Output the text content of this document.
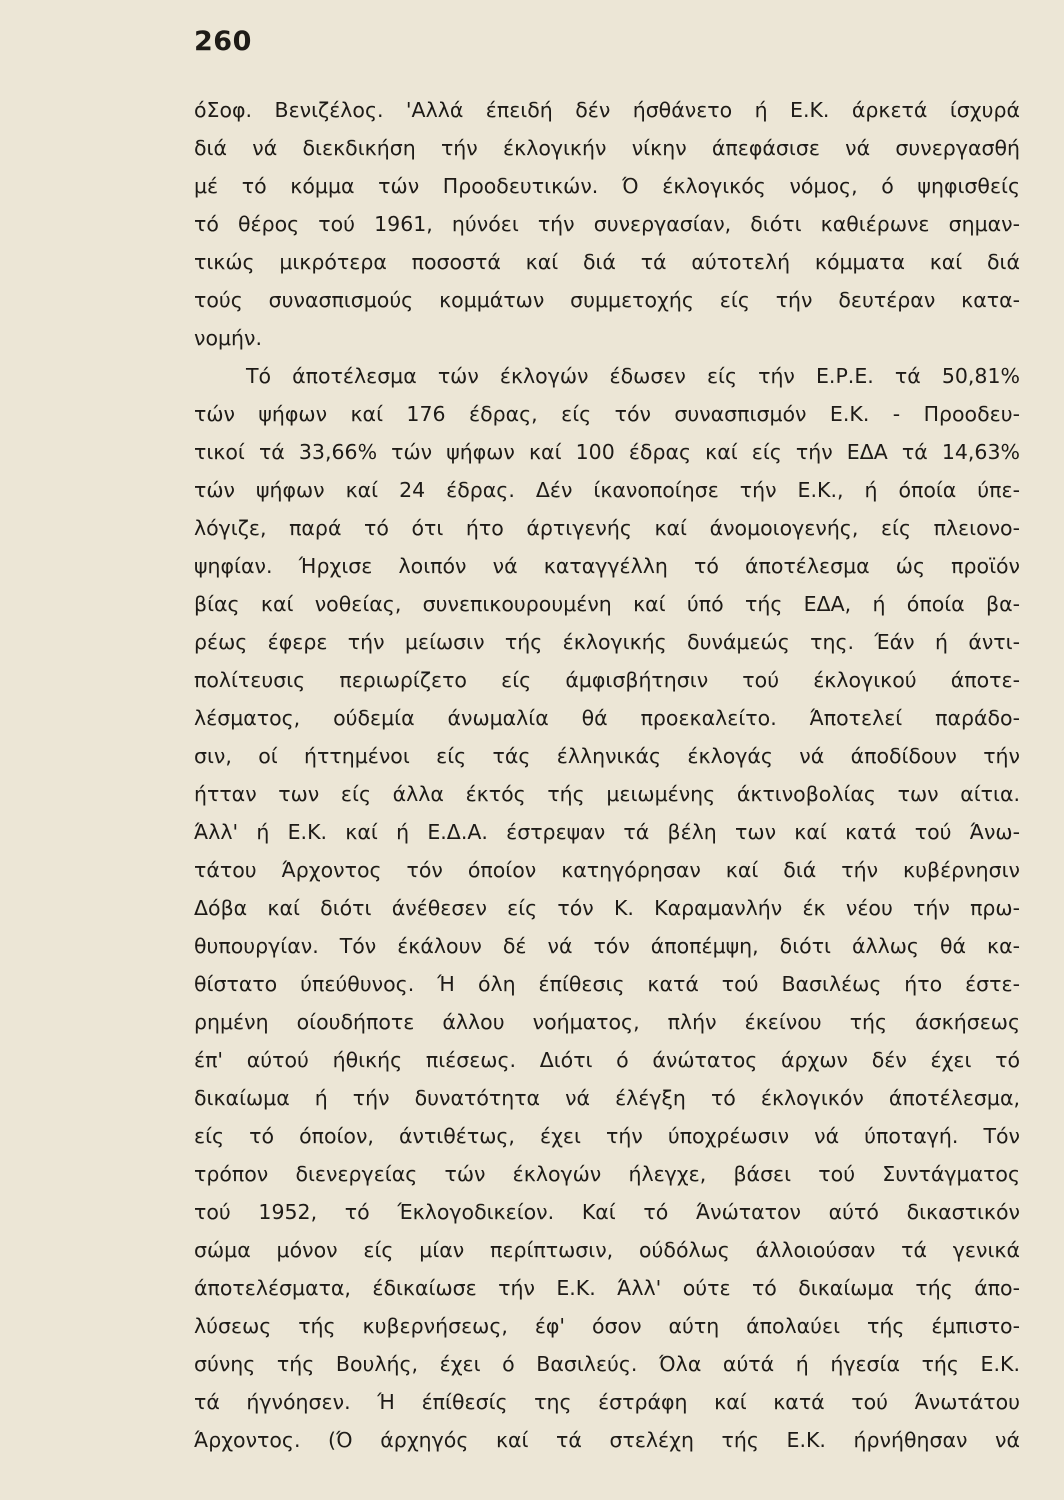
260
όΣοφ. Βενιζέλος. 'Αλλά έπειδή δέν ήσθάνετο ή Ε.Κ. άρκετά ίσχυρά
διά νά διεκδικήση τήν έκλογικήν νίκην άπεφάσισε νά συνεργασθή
μέ τό κόμμα τών Προοδευτικών. Ό έκλογικός νόμος, ό ψηφισθείς
τό θέρος τού 1961, ηύνόει τήν συνεργασίαν, διότι καθιέρωνε σημαν-
τικώς μικρότερα ποσοστά καί διά τά αύτοτελή κόμματα καί διά
τούς συνασπισμούς κομμάτων συμμετοχής είς τήν δευτέραν κατα-
νομήν.
Τό άποτέλεσμα τών έκλογών έδωσεν είς τήν Ε.Ρ.Ε. τά 50,81%
τών ψήφων καί 176 έδρας, είς τόν συνασπισμόν Ε.Κ. - Προοδευ-
τικοί τά 33,66% τών ψήφων καί 100 έδρας καί είς τήν ΕΔΑ τά 14,63%
τών ψήφων καί 24 έδρας. Δέν ίκανοποίησε τήν Ε.Κ., ή όποία ύπε-
λόγιζε, παρά τό ότι ήτο άρτιγενής καί άνομοιογενής, είς πλειονο-
ψηφίαν. Ήρχισε λοιπόν νά καταγγέλλη τό άποτέλεσμα ώς προϊόν
βίας καί νοθείας, συνεπικουρουμένη καί ύπό τής ΕΔΑ, ή όποία βα-
ρέως έφερε τήν μείωσιν τής έκλογικής δυνάμεώς της. Έάν ή άντι-
πολίτευσις περιωρίζετο είς άμφισβήτησιν τού έκλογικού άποτε-
λέσματος, ούδεμία άνωμαλία θά προεκαλείτο. Άποτελεί παράδο-
σιν, οί ήττημένοι είς τάς έλληνικάς έκλογάς νά άποδίδουν τήν
ήτταν των είς άλλα έκτός τής μειωμένης άκτινοβολίας των αίτια.
Άλλ' ή Ε.Κ. καί ή Ε.Δ.Α. έστρεψαν τά βέλη των καί κατά τού Άνω-
τάτου Άρχοντος τόν όποίον κατηγόρησαν καί διά τήν κυβέρνησιν
Δόβα καί διότι άνέθεσεν είς τόν Κ. Καραμανλήν έκ νέου τήν πρω-
θυπουργίαν. Τόν έκάλουν δέ νά τόν άποπέμψη, διότι άλλως θά κα-
θίστατο ύπεύθυνος. Ή όλη έπίθεσις κατά τού Βασιλέως ήτο έστε-
ρημένη οίουδήποτε άλλου νοήματος, πλήν έκείνου τής άσκήσεως
έπ' αύτού ήθικής πιέσεως. Διότι ό άνώτατος άρχων δέν έχει τό
δικαίωμα ή τήν δυνατότητα νά έλέγξη τό έκλογικόν άποτέλεσμα,
είς τό όποίον, άντιθέτως, έχει τήν ύποχρέωσιν νά ύποταγή. Τόν
τρόπον διενεργείας τών έκλογών ήλεγχε, βάσει τού Συντάγματος
τού 1952, τό Έκλογοδικείον. Καί τό Άνώτατον αύτό δικαστικόν
σώμα μόνον είς μίαν περίπτωσιν, ούδόλως άλλοιούσαν τά γενικά
άποτελέσματα, έδικαίωσε τήν Ε.Κ. Άλλ' ούτε τό δικαίωμα τής άπο-
λύσεως τής κυβερνήσεως, έφ' όσον αύτη άπολαύει τής έμπιστο-
σύνης τής Βουλής, έχει ό Βασιλεύς. Όλα αύτά ή ήγεσία τής Ε.Κ.
τά ήγνόησεν. Ή έπίθεσίς της έστράφη καί κατά τού Άνωτάτου
Άρχοντος. (Ό άρχηγός καί τά στελέχη τής Ε.Κ. ήρνήθησαν νά
